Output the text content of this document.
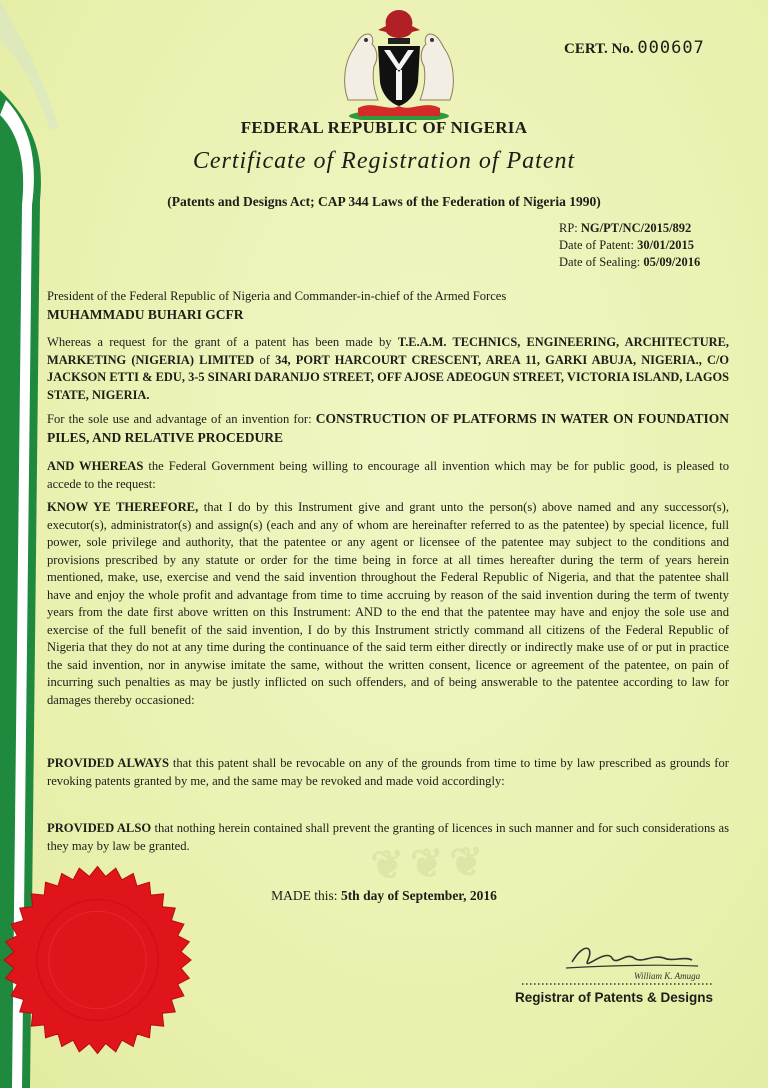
CERT. No. 000607
FEDERAL REPUBLIC OF NIGERIA
Certificate of Registration of Patent
(Patents and Designs Act; CAP 344 Laws of the Federation of Nigeria 1990)
RP: NG/PT/NC/2015/892
Date of Patent: 30/01/2015
Date of Sealing: 05/09/2016
President of the Federal Republic of Nigeria and Commander-in-chief of the Armed Forces
MUHAMMADU BUHARI GCFR
Whereas a request for the grant of a patent has been made by T.E.A.M. TECHNICS, ENGINEERING, ARCHITECTURE, MARKETING (NIGERIA) LIMITED of 34, PORT HARCOURT CRESCENT, AREA 11, GARKI ABUJA, NIGERIA., C/O JACKSON ETTI & EDU, 3-5 SINARI DARANIJO STREET, OFF AJOSE ADEOGUN STREET, VICTORIA ISLAND, LAGOS STATE, NIGERIA.
For the sole use and advantage of an invention for: CONSTRUCTION OF PLATFORMS IN WATER ON FOUNDATION PILES, AND RELATIVE PROCEDURE
AND WHEREAS the Federal Government being willing to encourage all invention which may be for public good, is pleased to accede to the request:
KNOW YE THEREFORE, that I do by this Instrument give and grant unto the person(s) above named and any successor(s), executor(s), administrator(s) and assign(s) (each and any of whom are hereinafter referred to as the patentee) by special licence, full power, sole privilege and authority, that the patentee or any agent or licensee of the patentee may subject to the conditions and provisions prescribed by any statute or order for the time being in force at all times hereafter during the term of years herein mentioned, make, use, exercise and vend the said invention throughout the Federal Republic of Nigeria, and that the patentee shall have and enjoy the whole profit and advantage from time to time accruing by reason of the said invention during the term of twenty years from the date first above written on this Instrument: AND to the end that the patentee may have and enjoy the sole use and exercise of the full benefit of the said invention, I do by this Instrument strictly command all citizens of the Federal Republic of Nigeria that they do not at any time during the continuance of the said term either directly or indirectly make use of or put in practice the said invention, nor in anywise imitate the same, without the written consent, licence or agreement of the patentee, on pain of incurring such penalties as may be justly inflicted on such offenders, and of being answerable to the patentee according to law for damages thereby occasioned:
PROVIDED ALWAYS that this patent shall be revocable on any of the grounds from time to time by law prescribed as grounds for revoking patents granted by me, and the same may be revoked and made void accordingly:
PROVIDED ALSO that nothing herein contained shall prevent the granting of licences in such manner and for such considerations as they may by law be granted.	❦❦❦
MADE this: 5th day of September, 2016
William K. Amuga
Registrar of Patents & Designs
